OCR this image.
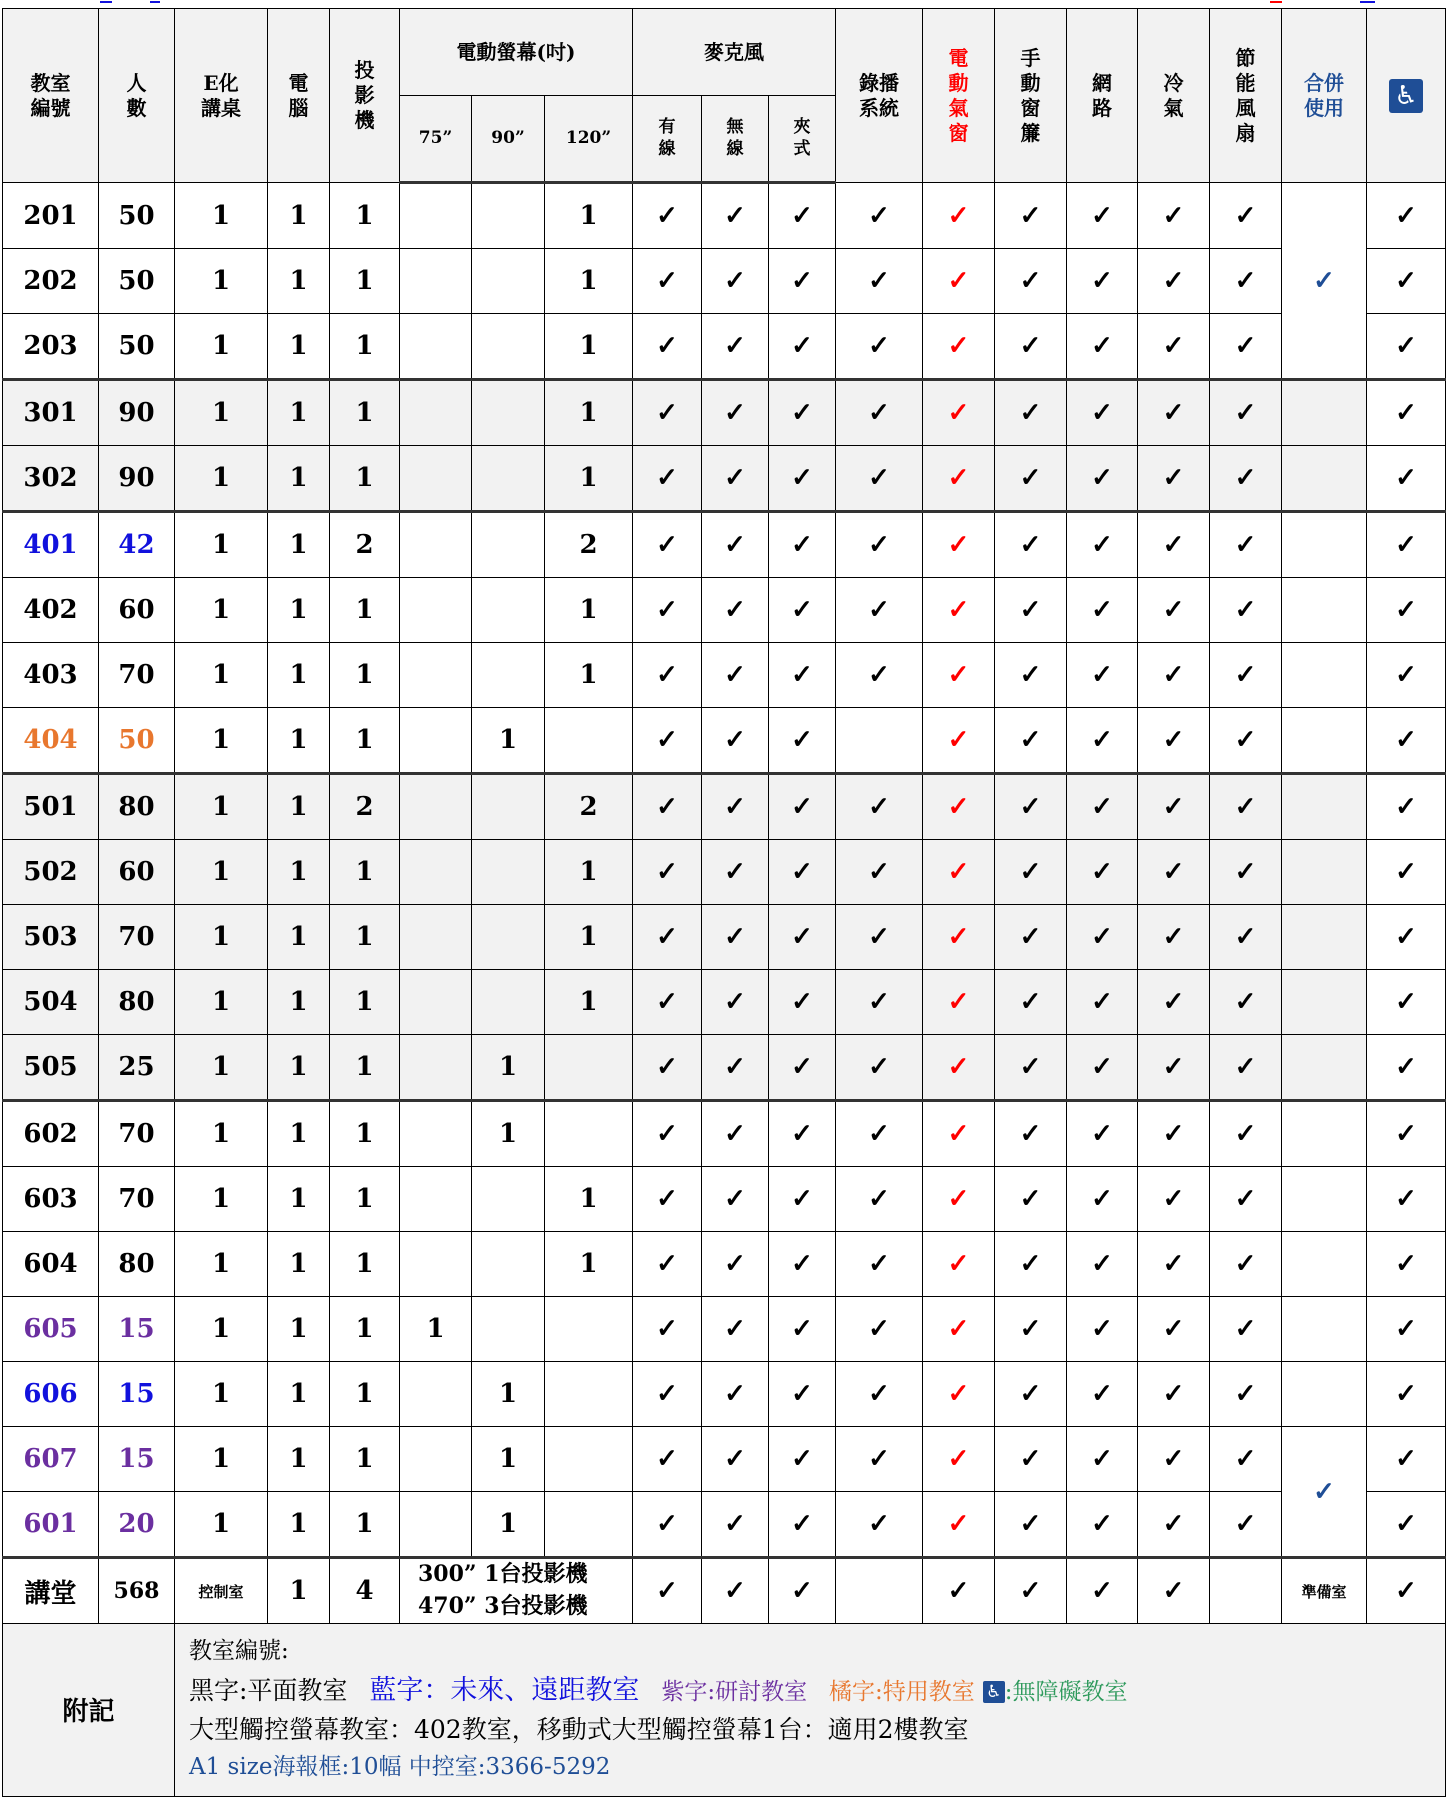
教室編號	人數	E化講桌	電腦	投影機	電動螢幕(吋)			麥克風			錄播系統	電動氣窗	手動窗簾	網路	冷氣	節能風扇	合併使用	♿
					75”	90”	120”	有線	無線	夾式								
201	50	1	1	1			1	✓	✓	✓	✓	✓	✓	✓	✓	✓	✓	✓
202	50	1	1	1			1	✓	✓	✓	✓	✓	✓	✓	✓	✓		✓
203	50	1	1	1			1	✓	✓	✓	✓	✓	✓	✓	✓	✓		✓
301	90	1	1	1			1	✓	✓	✓	✓	✓	✓	✓	✓	✓		✓
302	90	1	1	1			1	✓	✓	✓	✓	✓	✓	✓	✓	✓		✓
401	42	1	1	2			2	✓	✓	✓	✓	✓	✓	✓	✓	✓		✓
402	60	1	1	1			1	✓	✓	✓	✓	✓	✓	✓	✓	✓		✓
403	70	1	1	1			1	✓	✓	✓	✓	✓	✓	✓	✓	✓		✓
404	50	1	1	1		1		✓	✓	✓		✓	✓	✓	✓	✓		✓
501	80	1	1	2			2	✓	✓	✓	✓	✓	✓	✓	✓	✓		✓
502	60	1	1	1			1	✓	✓	✓	✓	✓	✓	✓	✓	✓		✓
503	70	1	1	1			1	✓	✓	✓	✓	✓	✓	✓	✓	✓		✓
504	80	1	1	1			1	✓	✓	✓	✓	✓	✓	✓	✓	✓		✓
505	25	1	1	1		1		✓	✓	✓	✓	✓	✓	✓	✓	✓		✓
602	70	1	1	1		1		✓	✓	✓	✓	✓	✓	✓	✓	✓		✓
603	70	1	1	1			1	✓	✓	✓	✓	✓	✓	✓	✓	✓		✓
604	80	1	1	1			1	✓	✓	✓	✓	✓	✓	✓	✓	✓		✓
605	15	1	1	1	1			✓	✓	✓	✓	✓	✓	✓	✓	✓		✓
606	15	1	1	1		1		✓	✓	✓	✓	✓	✓	✓	✓	✓		✓
607	15	1	1	1		1		✓	✓	✓	✓	✓	✓	✓	✓	✓	✓	✓
601	20	1	1	1		1		✓	✓	✓	✓	✓	✓	✓	✓	✓		✓
講堂	568	控制室	1	4	300” 1台投影機
470” 3台投影機			✓	✓	✓		✓	✓	✓	✓		準備室	✓
附記		教室編號:
黑字:平面教室 藍字：未來、遠距教室 紫字:研討教室 橘字:特用教室 ♿ :無障礙教室
大型觸控螢幕教室：402教室，移動式大型觸控螢幕1台：適用2樓教室
A1 size海報框:10幅 中控室:3366-5292																
